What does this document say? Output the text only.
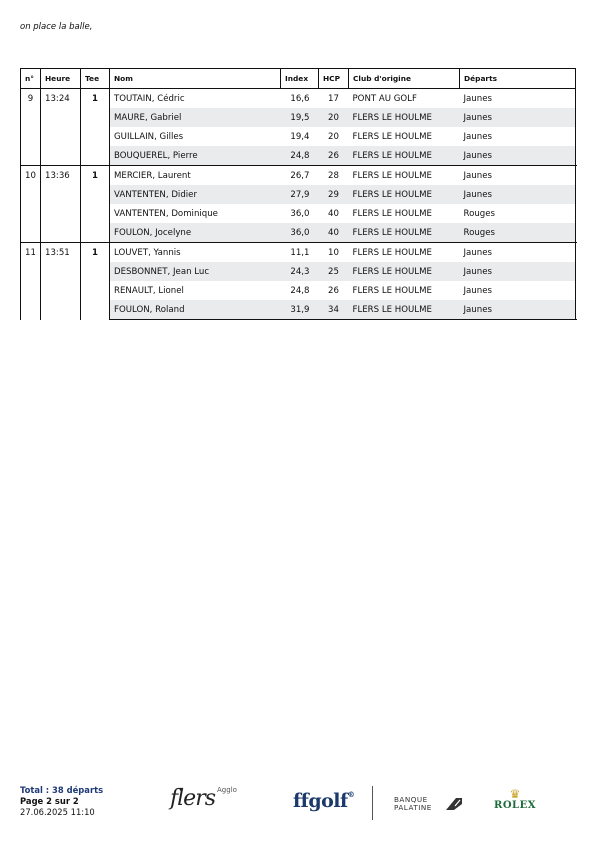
on place la balle,
n°	Heure	Tee	Nom	Index	HCP	Club d'origine	Départs	
9	13:24	1	TOUTAIN, Cédric	16,6	17	PONT AU GOLF	Jaunes	
			MAURE, Gabriel	19,5	20	FLERS LE HOULME	Jaunes	
			GUILLAIN, Gilles	19,4	20	FLERS LE HOULME	Jaunes	
			BOUQUEREL, Pierre	24,8	26	FLERS LE HOULME	Jaunes	
10	13:36	1	MERCIER, Laurent	26,7	28	FLERS LE HOULME	Jaunes	
			VANTENTEN, Didier	27,9	29	FLERS LE HOULME	Jaunes	
			VANTENTEN, Dominique	36,0	40	FLERS LE HOULME	Rouges	
			FOULON, Jocelyne	36,0	40	FLERS LE HOULME	Rouges	
11	13:51	1	LOUVET, Yannis	11,1	10	FLERS LE HOULME	Jaunes	
			DESBONNET, Jean Luc	24,3	25	FLERS LE HOULME	Jaunes	
			RENAULT, Lionel	24,8	26	FLERS LE HOULME	Jaunes	
			FOULON, Roland	31,9	34	FLERS LE HOULME	Jaunes	
Total : 38 départs
Page 2 sur 2
27.06.2025 11:10
flers $^{Agglo}$	ffgolf®
BANQUE
PALATINE
♛
ROLEX
